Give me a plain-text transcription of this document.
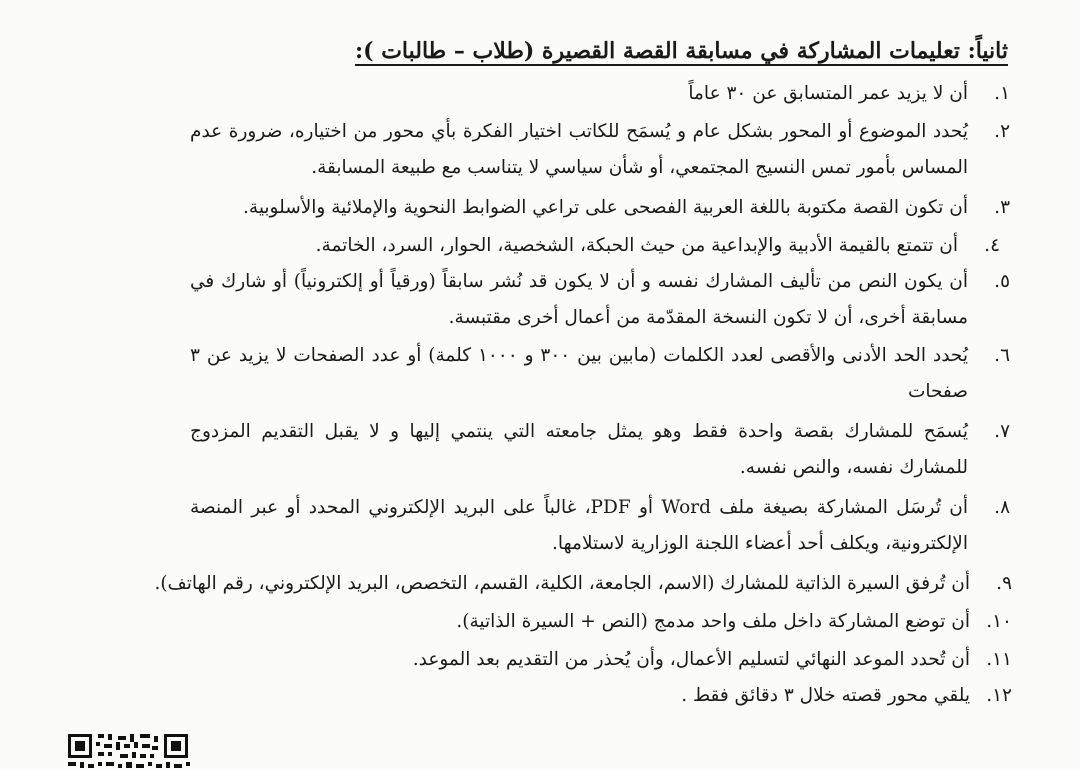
ثانياً: تعليمات المشاركة في مسابقة القصة القصيرة (طلاب – طالبات ):
١.
أن لا يزيد عمر المتسابق عن ٣٠ عاماً
٢.
يُحدد الموضوع أو المحور بشكل عام و يُسمَح للكاتب اختيار الفكرة بأي محور من اختياره، ضرورة عدم المساس بأمور تمس النسيج المجتمعي، أو شأن سياسي لا يتناسب مع طبيعة المسابقة.
٣.
أن تكون القصة مكتوبة باللغة العربية الفصحى على تراعي الضوابط النحوية والإملائية والأسلوبية.
٤.
أن تتمتع بالقيمة الأدبية والإبداعية من حيث الحبكة، الشخصية، الحوار، السرد، الخاتمة.
٥.
أن يكون النص من تأليف المشارك نفسه و أن لا يكون قد نُشر سابقاً (ورقياً أو إلكترونياً) أو شارك في مسابقة أخرى، أن لا تكون النسخة المقدّمة من أعمال أخرى مقتبسة.
٦.
يُحدد الحد الأدنى والأقصى لعدد الكلمات (مابين بين ٣٠٠ و ١٠٠٠ كلمة) أو عدد الصفحات لا يزيد عن ٣ صفحات
٧.
يُسمَح للمشارك بقصة واحدة فقط وهو يمثل جامعته التي ينتمي إليها و لا يقبل التقديم المزدوج للمشارك نفسه، والنص نفسه.
٨.
أن تُرسَل المشاركة بصيغة ملف Word أو PDF، غالباً على البريد الإلكتروني المحدد أو عبر المنصة الإلكترونية، ويكلف أحد أعضاء اللجنة الوزارية لاستلامها.
٩.
أن تُرفق السيرة الذاتية للمشارك (الاسم، الجامعة، الكلية، القسم، التخصص، البريد الإلكتروني، رقم الهاتف).
١٠.
أن توضع المشاركة داخل ملف واحد مدمج (النص + السيرة الذاتية).
١١.
أن تُحدد الموعد النهائي لتسليم الأعمال، وأن يُحذر من التقديم بعد الموعد.
١٢.
يلقي محور قصته خلال ٣ دقائق فقط .
